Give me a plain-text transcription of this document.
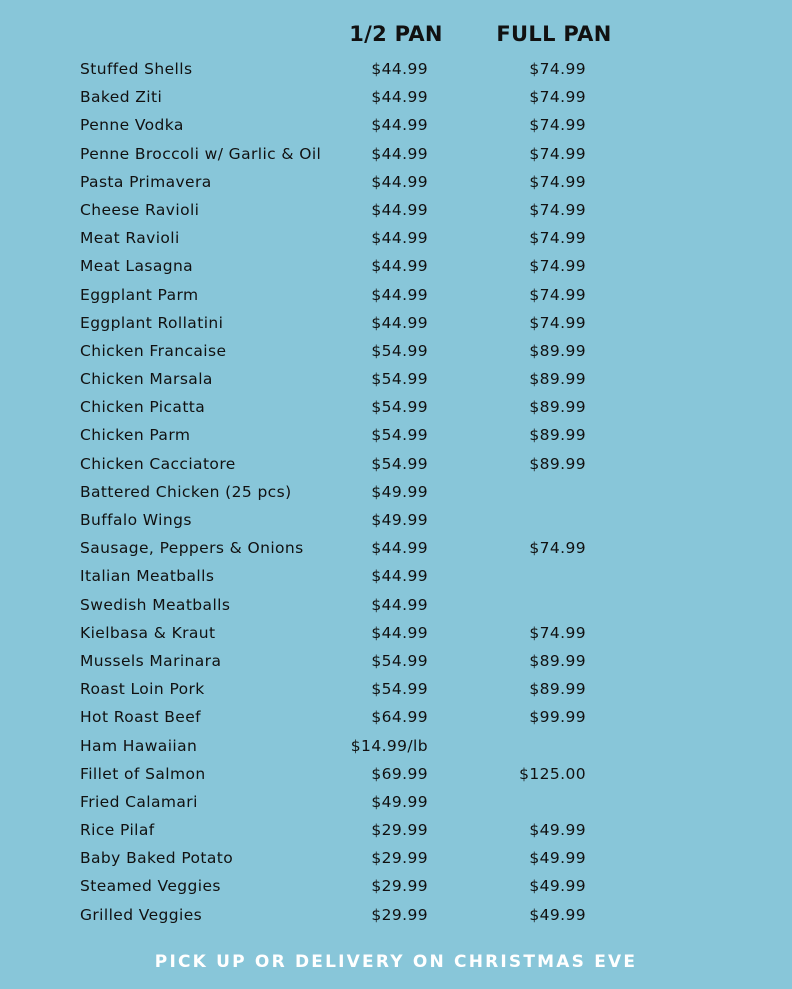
1/2 PAN	FULL PAN
Stuffed Shells	$44.99	$74.99
Baked Ziti	$44.99	$74.99
Penne Vodka	$44.99	$74.99
Penne Broccoli w/ Garlic & Oil	$44.99	$74.99
Pasta Primavera	$44.99	$74.99
Cheese Ravioli	$44.99	$74.99
Meat Ravioli	$44.99	$74.99
Meat Lasagna	$44.99	$74.99
Eggplant Parm	$44.99	$74.99
Eggplant Rollatini	$44.99	$74.99
Chicken Francaise	$54.99	$89.99
Chicken Marsala	$54.99	$89.99
Chicken Picatta	$54.99	$89.99
Chicken Parm	$54.99	$89.99
Chicken Cacciatore	$54.99	$89.99
Battered Chicken (25 pcs)	$49.99
Buffalo Wings	$49.99
Sausage, Peppers & Onions	$44.99	$74.99
Italian Meatballs	$44.99
Swedish Meatballs	$44.99
Kielbasa & Kraut	$44.99	$74.99
Mussels Marinara	$54.99	$89.99
Roast Loin Pork	$54.99	$89.99
Hot Roast Beef	$64.99	$99.99
Ham Hawaiian	$14.99/lb
Fillet of Salmon	$69.99	$125.00
Fried Calamari	$49.99
Rice Pilaf	$29.99	$49.99
Baby Baked Potato	$29.99	$49.99
Steamed Veggies	$29.99	$49.99
Grilled Veggies	$29.99	$49.99
PICK UP OR DELIVERY ON CHRISTMAS EVE
